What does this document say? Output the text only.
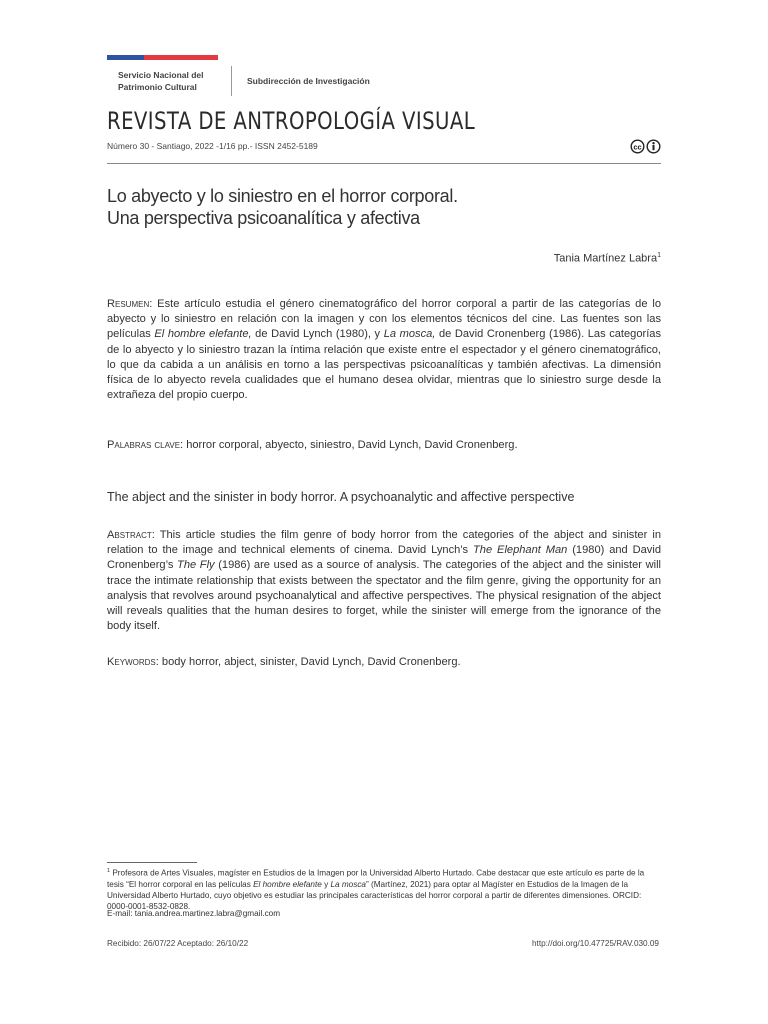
Servicio Nacional del
Patrimonio Cultural
Subdirección de Investigación
REVISTA DE ANTROPOLOGÍA VISUAL
Número 30 - Santiago, 2022 -1/16 pp.- ISSN 2452-5189	cc
Lo abyecto y lo siniestro en el horror corporal.
Una perspectiva psicoanalítica y afectiva
Tania Martínez Labra$^1$
Resumen: Este artículo estudia el género cinematográfico del horror corporal a partir de las categorías de lo abyecto y lo siniestro en relación con la imagen y con los elementos técnicos del cine. Las fuentes son las películas El hombre elefante, de David Lynch (1980), y La mosca, de David Cronenberg (1986). Las categorías de lo abyecto y lo siniestro trazan la íntima relación que existe entre el espectador y el género cinematográfico, lo que da cabida a un análisis en torno a las perspectivas psicoanalíticas y también afectivas. La dimensión física de lo abyecto revela cualidades que el humano desea olvidar, mientras que lo siniestro surge desde la extrañeza del propio cuerpo.
Palabras clave: horror corporal, abyecto, siniestro, David Lynch, David Cronenberg.
The abject and the sinister in body horror. A psychoanalytic and affective perspective
Abstract: This article studies the film genre of body horror from the categories of the abject and sinister in relation to the image and technical elements of cinema. David Lynch’s The Elephant Man (1980) and David Cronenberg’s The Fly (1986) are used as a source of analysis. The categories of the abject and the sinister will trace the intimate relationship that exists between the spectator and the film genre, giving the opportunity for an analysis that revolves around psychoanalytical and affective perspectives. The physical resignation of the abject will reveals qualities that the human desires to forget, while the sinister will emerge from the ignorance of the body itself.
Keywords: body horror, abject, sinister, David Lynch, David Cronenberg.
$^1$ Profesora de Artes Visuales, magíster en Estudios de la Imagen por la Universidad Alberto Hurtado. Cabe destacar que este artículo es parte de la tesis “El horror corporal en las películas El hombre elefante y La mosca” (Martínez, 2021) para optar al Magíster en Estudios de la Imagen de la Universidad Alberto Hurtado, cuyo objetivo es estudiar las principales características del horror corporal a partir de diferentes dimensiones. ORCID: 0000-0001-8532-0828.
E-mail: tania.andrea.martinez.labra@gmail.com
Recibido: 26/07/22 Aceptado: 26/10/22	http://doi.org/10.47725/RAV.030.09
